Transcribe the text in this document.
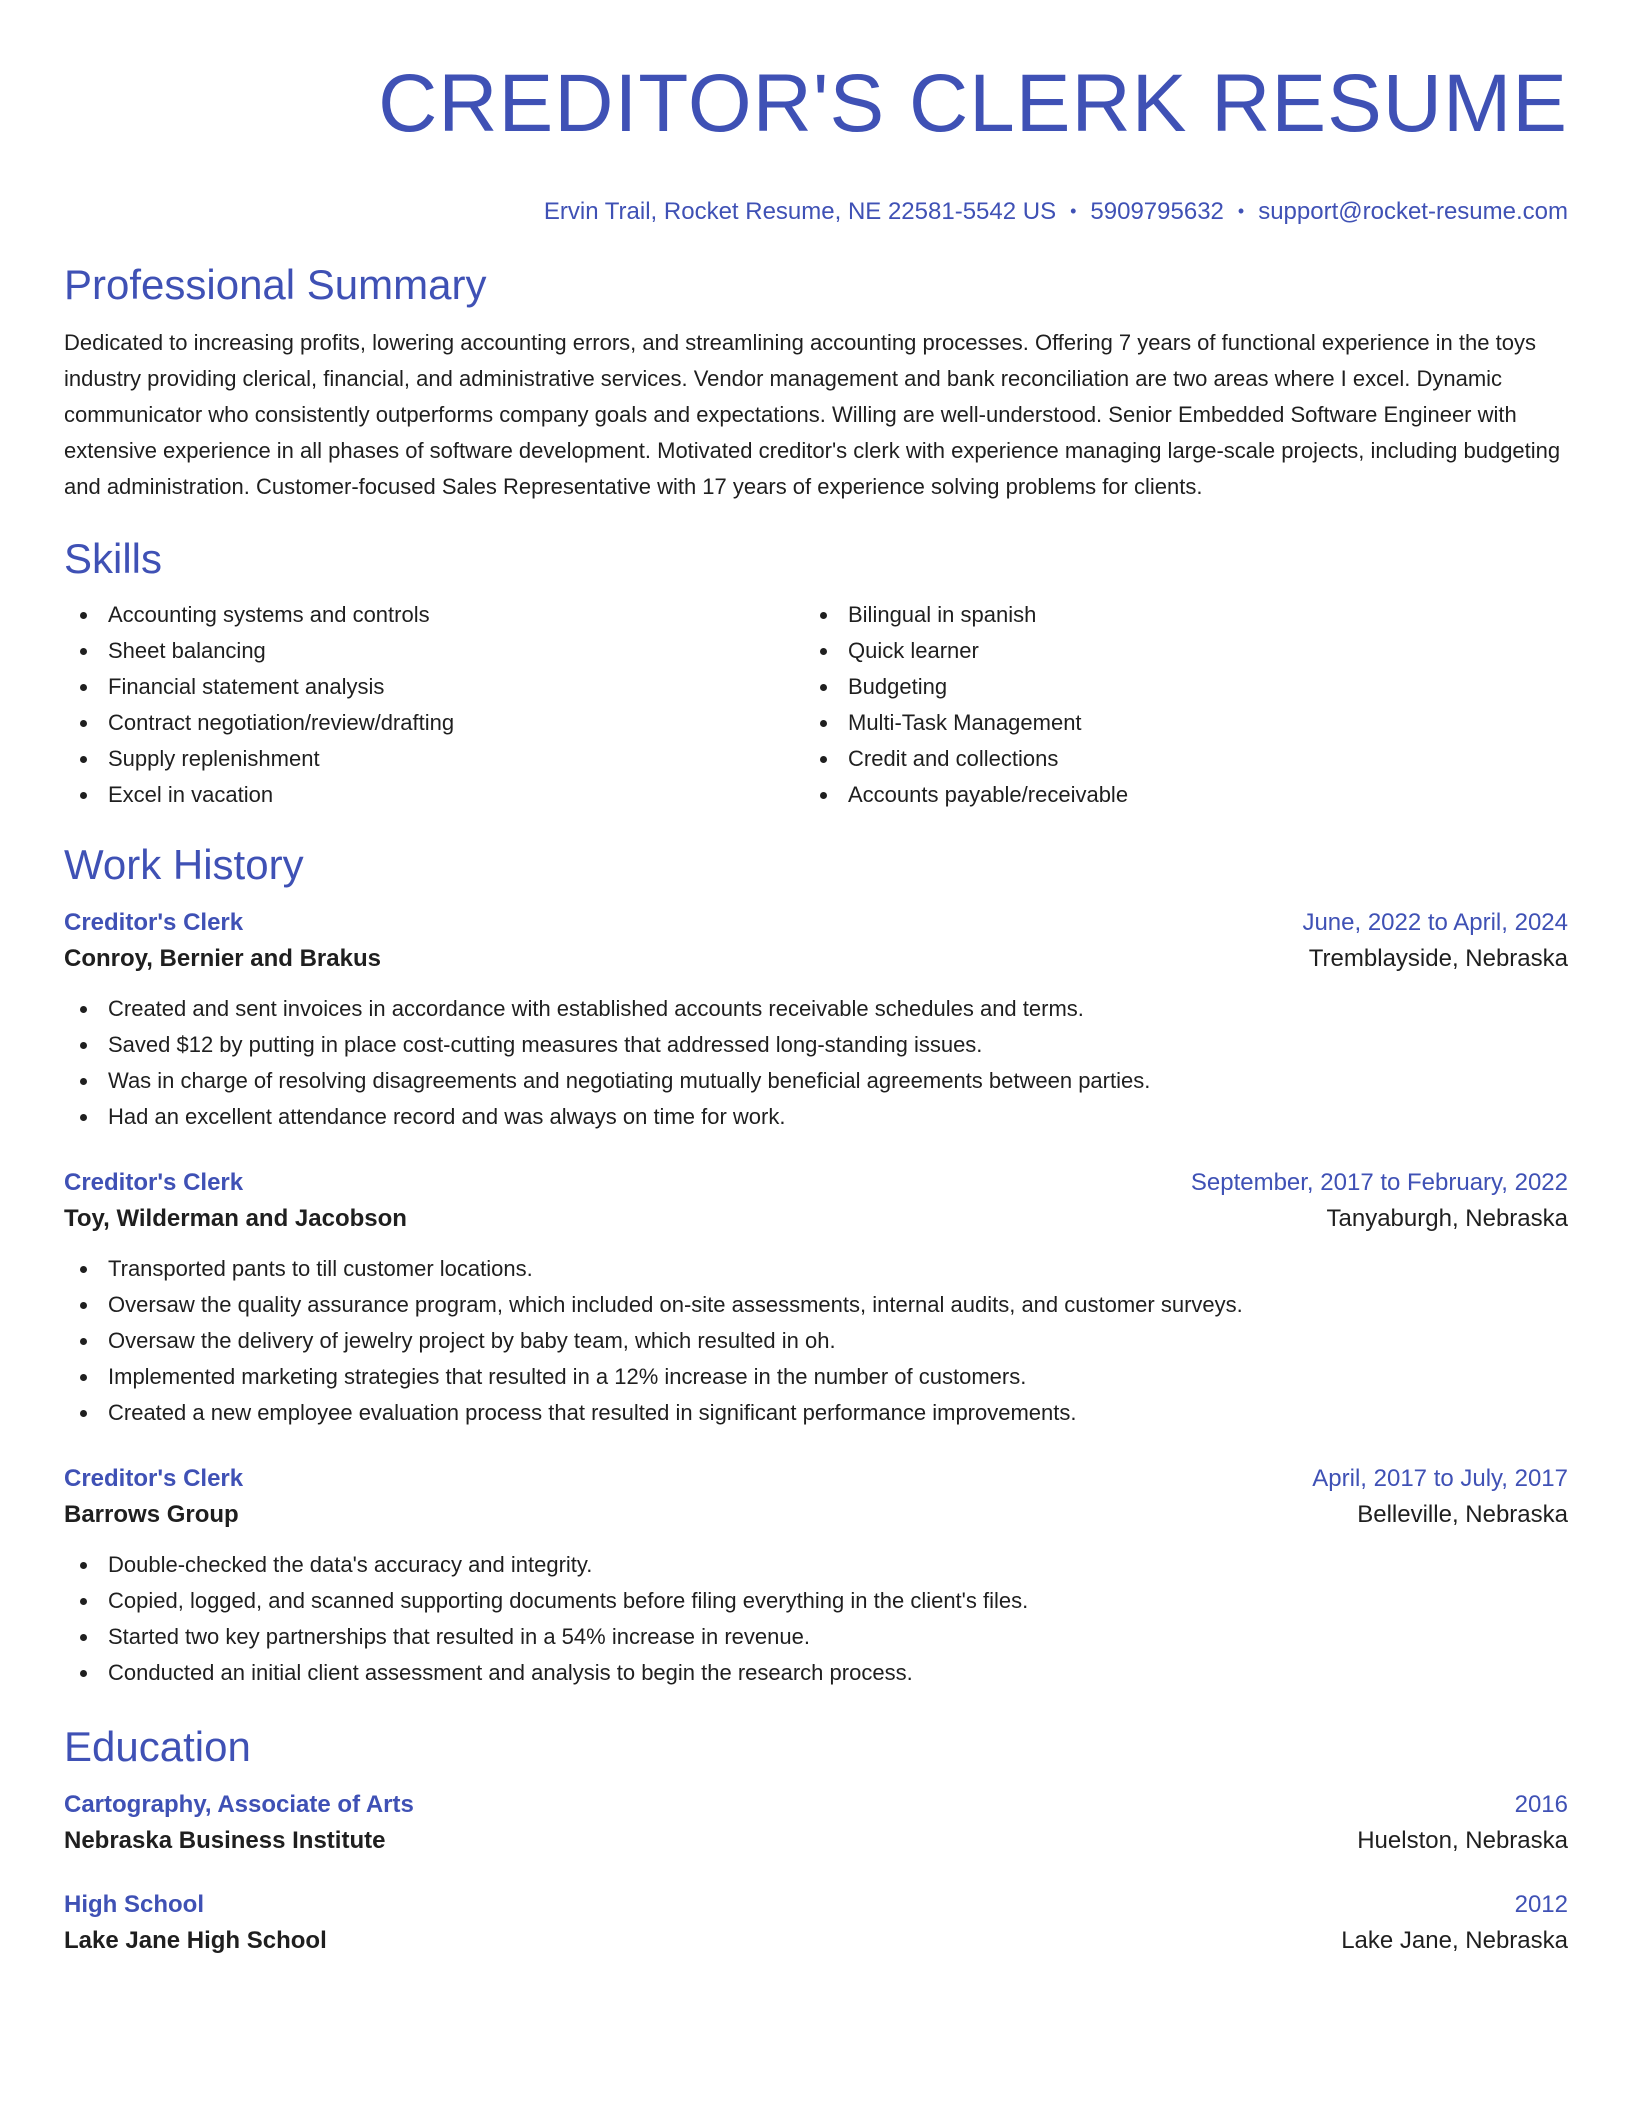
CREDITOR'S CLERK RESUME
Ervin Trail, Rocket Resume, NE 22581-5542 US • 5909795632 • support@rocket-resume.com
Professional Summary
Dedicated to increasing profits, lowering accounting errors, and streamlining accounting processes. Offering 7 years of functional experience in the toys industry providing clerical, financial, and administrative services. Vendor management and bank reconciliation are two areas where I excel. Dynamic communicator who consistently outperforms company goals and expectations. Willing are well-understood. Senior Embedded Software Engineer with extensive experience in all phases of software development. Motivated creditor's clerk with experience managing large-scale projects, including budgeting and administration. Customer-focused Sales Representative with 17 years of experience solving problems for clients.
Skills
Accounting systems and controls
Sheet balancing
Financial statement analysis
Contract negotiation/review/drafting
Supply replenishment
Excel in vacation
Bilingual in spanish
Quick learner
Budgeting
Multi-Task Management
Credit and collections
Accounts payable/receivable
Work History
Creditor's Clerk	June, 2022 to April, 2024
Conroy, Bernier and Brakus	Tremblayside, Nebraska
Created and sent invoices in accordance with established accounts receivable schedules and terms.
Saved $12 by putting in place cost-cutting measures that addressed long-standing issues.
Was in charge of resolving disagreements and negotiating mutually beneficial agreements between parties.
Had an excellent attendance record and was always on time for work.
Creditor's Clerk	September, 2017 to February, 2022
Toy, Wilderman and Jacobson	Tanyaburgh, Nebraska
Transported pants to till customer locations.
Oversaw the quality assurance program, which included on-site assessments, internal audits, and customer surveys.
Oversaw the delivery of jewelry project by baby team, which resulted in oh.
Implemented marketing strategies that resulted in a 12% increase in the number of customers.
Created a new employee evaluation process that resulted in significant performance improvements.
Creditor's Clerk	April, 2017 to July, 2017
Barrows Group	Belleville, Nebraska
Double-checked the data's accuracy and integrity.
Copied, logged, and scanned supporting documents before filing everything in the client's files.
Started two key partnerships that resulted in a 54% increase in revenue.
Conducted an initial client assessment and analysis to begin the research process.
Education
Cartography, Associate of Arts	2016
Nebraska Business Institute	Huelston, Nebraska
High School	2012
Lake Jane High School	Lake Jane, Nebraska
